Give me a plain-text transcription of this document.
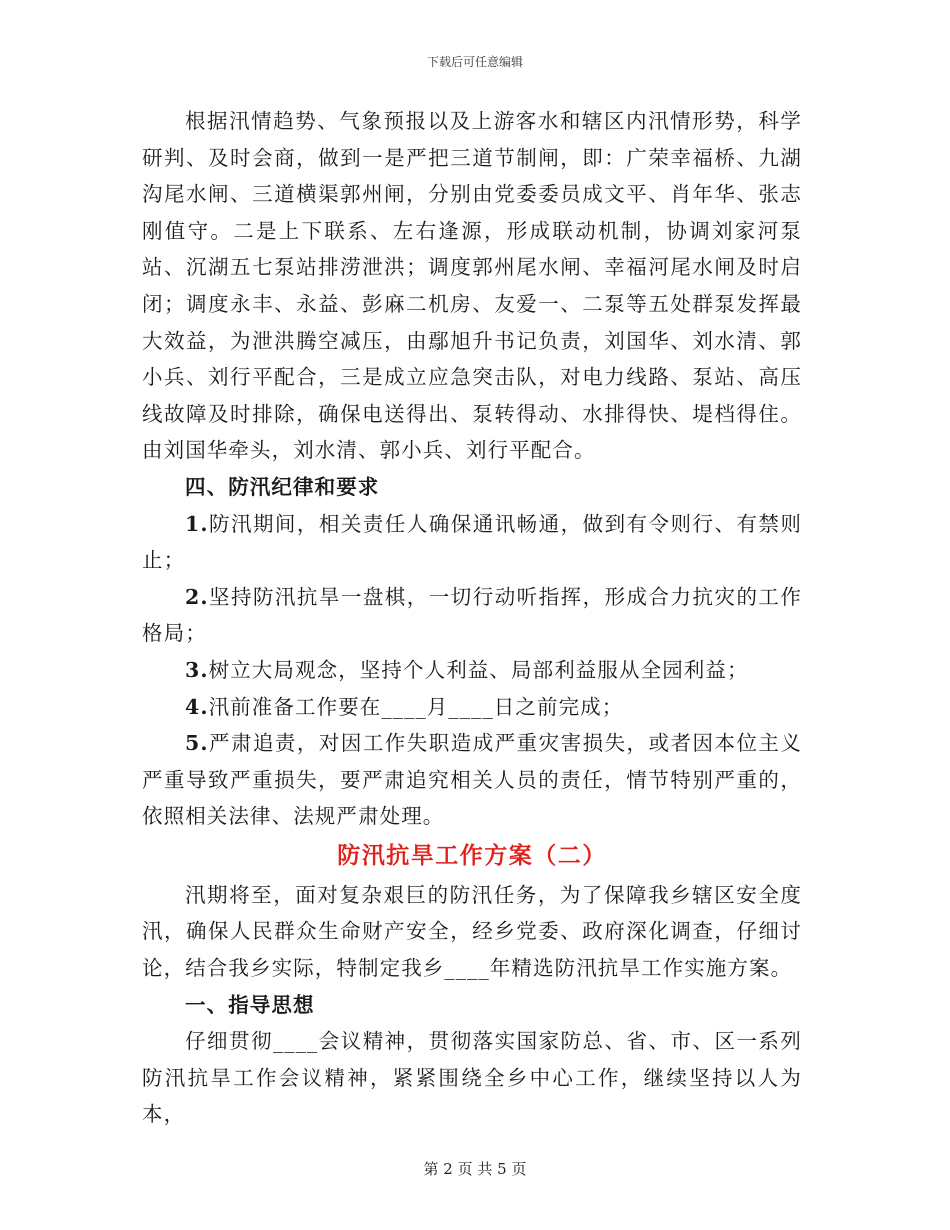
下载后可任意编辑

根据汛情趋势、气象预报以及上游客水和辖区内汛情形势，科学研判、及时会商，做到一是严把三道节制闸，即：广荣幸福桥、九湖沟尾水闸、三道横渠郭州闸，分别由党委委员成文平、肖年华、张志刚值守。二是上下联系、左右逢源，形成联动机制，协调刘家河泵站、沉湖五七泵站排涝泄洪；调度郭州尾水闸、幸福河尾水闸及时启闭；调度永丰、永益、彭麻二机房、友爱一、二泵等五处群泵发挥最大效益，为泄洪腾空减压，由鄢旭升书记负责，刘国华、刘水清、郭小兵、刘行平配合，三是成立应急突击队，对电力线路、泵站、高压线故障及时排除，确保电送得出、泵转得动、水排得快、堤档得住。由刘国华牵头，刘水清、郭小兵、刘行平配合。

四、防汛纪律和要求

1.防汛期间，相关责任人确保通讯畅通，做到有令则行、有禁则止；

2.坚持防汛抗旱一盘棋，一切行动听指挥，形成合力抗灾的工作格局；

3.树立大局观念，坚持个人利益、局部利益服从全园利益；

4.汛前准备工作要在____月____日之前完成；

5.严肃追责，对因工作失职造成严重灾害损失，或者因本位主义严重导致严重损失，要严肃追究相关人员的责任，情节特别严重的，依照相关法律、法规严肃处理。

防汛抗旱工作方案（二）

汛期将至，面对复杂艰巨的防汛任务，为了保障我乡辖区安全度汛，确保人民群众生命财产安全，经乡党委、政府深化调查，仔细讨论，结合我乡实际，特制定我乡____年精选防汛抗旱工作实施方案。

一、指导思想

仔细贯彻____会议精神，贯彻落实国家防总、省、市、区一系列防汛抗旱工作会议精神，紧紧围绕全乡中心工作，继续坚持以人为本，

第 2 页 共 5 页
